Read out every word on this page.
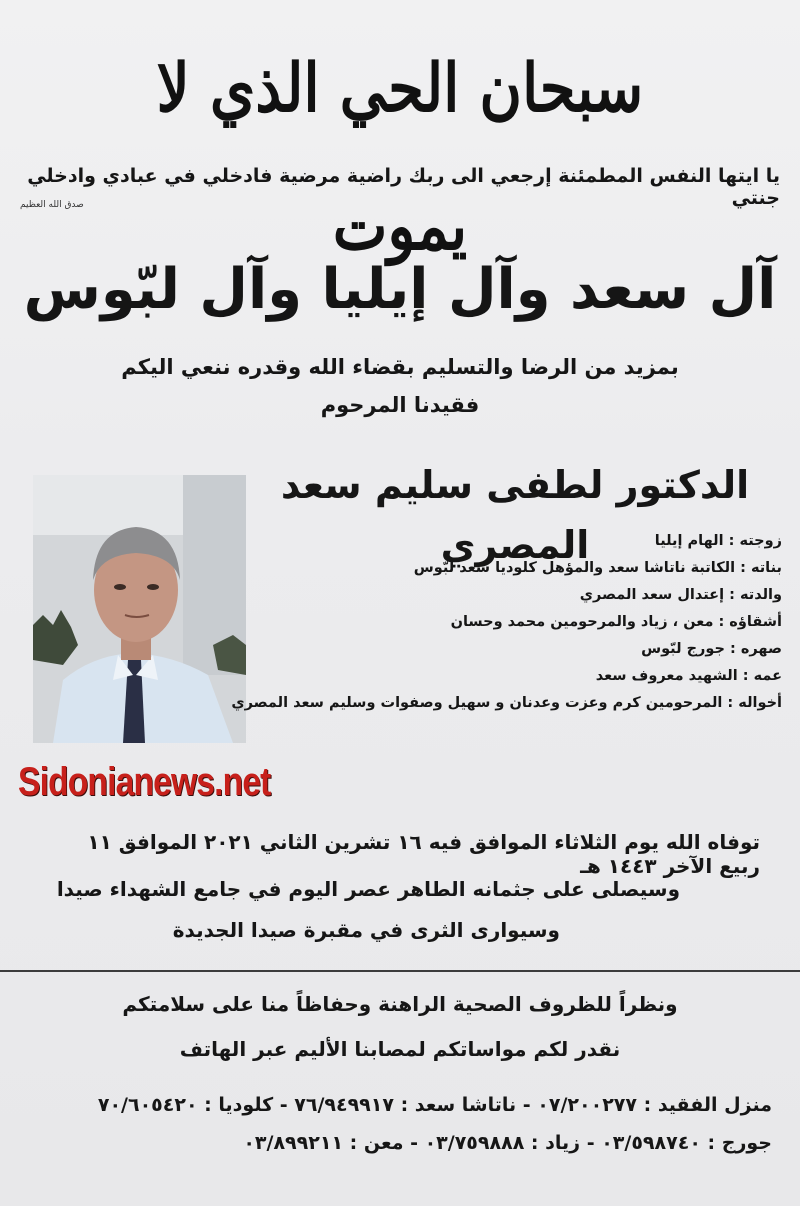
سبحان الحي الذي لا يموت
يا ايتها النفس المطمئنة إرجعي الى ربك راضية مرضية فادخلي في عبادي وادخلي جنتي
صدق الله العظيم
آل سعد وآل إيليا وآل لبّوس
بمزيد من الرضا والتسليم بقضاء الله وقدره ننعي اليكم
فقيدنا المرحوم
الدكتور لطفى سليم سعد المصري	زوجته : الهام إيليا
بناته : الكاتبة ناتاشا سعد والمؤهل كلوديا سعد لبّوس
والدته : إعتدال سعد المصري
أشقاؤه : معن ، زياد والمرحومين محمد وحسان
صهره : جورج لبّوس
عمه : الشهيد معروف سعد
أخواله : المرحومين كرم وعزت وعدنان و سهيل وصفوات وسليم سعد المصري
Sidonianews.net
توفاه الله يوم الثلاثاء الموافق فيه ١٦ تشرين الثاني ٢٠٢١ الموافق ١١ ربيع الآخر ١٤٤٣ هـ
وسيصلى على جثمانه الطاهر عصر اليوم في جامع الشهداء صيدا
وسيوارى الثرى في مقبرة صيدا الجديدة
ونظراً للظروف الصحية الراهنة وحفاظاً منا على سلامتكم
نقدر لكم مواساتكم لمصابنا الأليم عبر الهاتف
منزل الفقيد : ٠٧/٢٠٠٢٧٧ - ناتاشا سعد : ٧٦/٩٤٩٩١٧ - كلوديا : ٧٠/٦٠٥٤٢٠
جورج : ٠٣/٥٩٨٧٤٠ - زياد : ٠٣/٧٥٩٨٨٨ - معن : ٠٣/٨٩٩٢١١
